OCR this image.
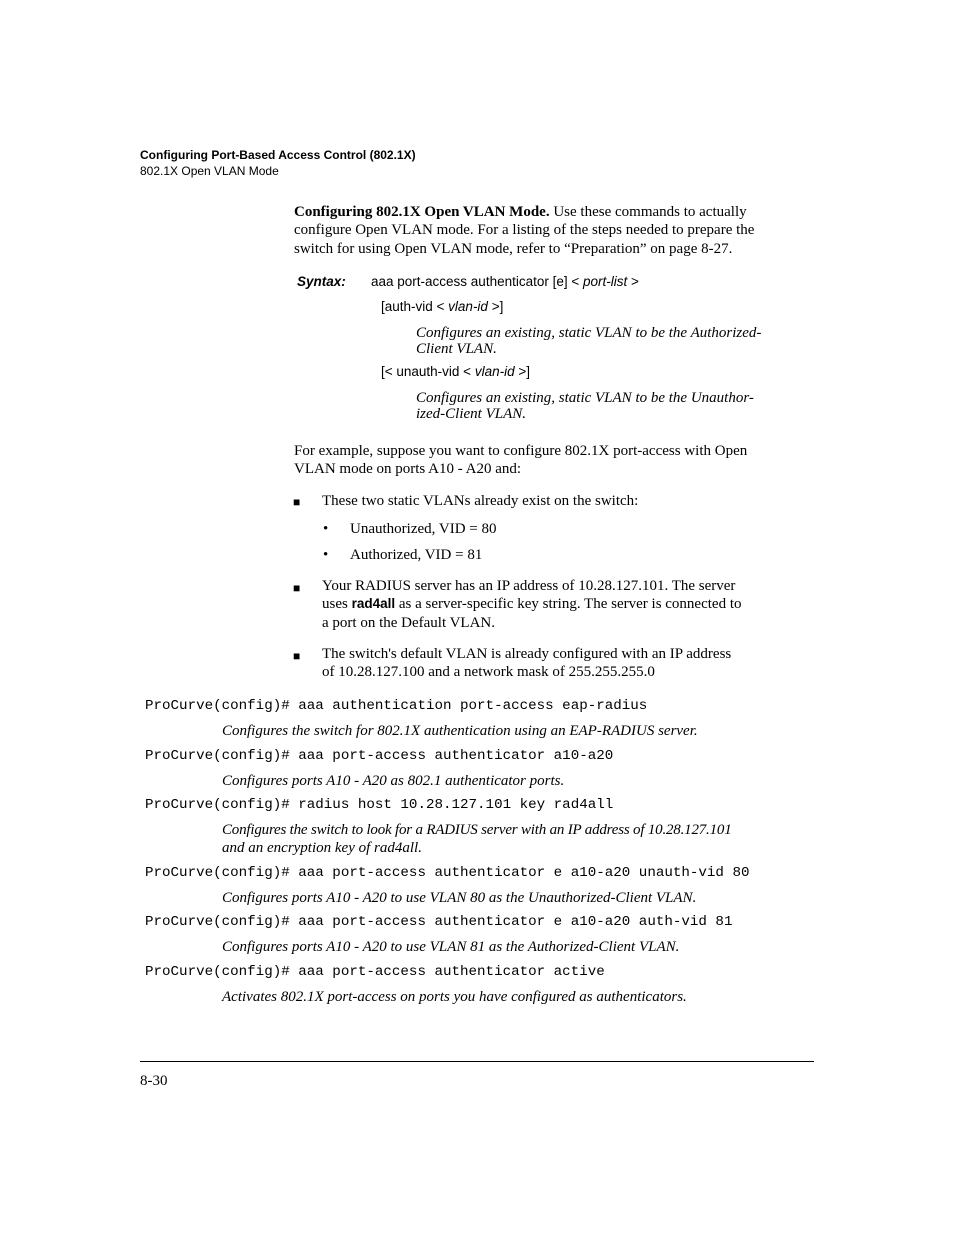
Configuring Port-Based Access Control (802.1X)
802.1X Open VLAN Mode
Configuring 802.1X Open VLAN Mode. Use these commands to actually
configure Open VLAN mode. For a listing of the steps needed to prepare the
switch for using Open VLAN mode, refer to “Preparation” on page 8-27.
Syntax: aaa port-access authenticator [e] < port-list >
[auth-vid < vlan-id >]
Configures an existing, static VLAN to be the Authorized-
Client VLAN.
[< unauth-vid < vlan-id >]
Configures an existing, static VLAN to be the Unauthor-
ized-Client VLAN.
For example, suppose you want to configure 802.1X port-access with Open
VLAN mode on ports A10 - A20 and:
■ These two static VLANs already exist on the switch:
• Unauthorized, VID = 80
• Authorized, VID = 81
■ Your RADIUS server has an IP address of 10.28.127.101. The server
uses rad4all as a server-specific key string. The server is connected to
a port on the Default VLAN.
■ The switch's default VLAN is already configured with an IP address
of 10.28.127.100 and a network mask of 255.255.255.0
ProCurve(config)# aaa authentication port-access eap-radius
Configures the switch for 802.1X authentication using an EAP-RADIUS server.
ProCurve(config)# aaa port-access authenticator a10-a20
Configures ports A10 - A20 as 802.1 authenticator ports.
ProCurve(config)# radius host 10.28.127.101 key rad4all
Configures the switch to look for a RADIUS server with an IP address of 10.28.127.101
and an encryption key of rad4all.
ProCurve(config)# aaa port-access authenticator e a10-a20 unauth-vid 80
Configures ports A10 - A20 to use VLAN 80 as the Unauthorized-Client VLAN.
ProCurve(config)# aaa port-access authenticator e a10-a20 auth-vid 81
Configures ports A10 - A20 to use VLAN 81 as the Authorized-Client VLAN.
ProCurve(config)# aaa port-access authenticator active
Activates 802.1X port-access on ports you have configured as authenticators.
8-30
